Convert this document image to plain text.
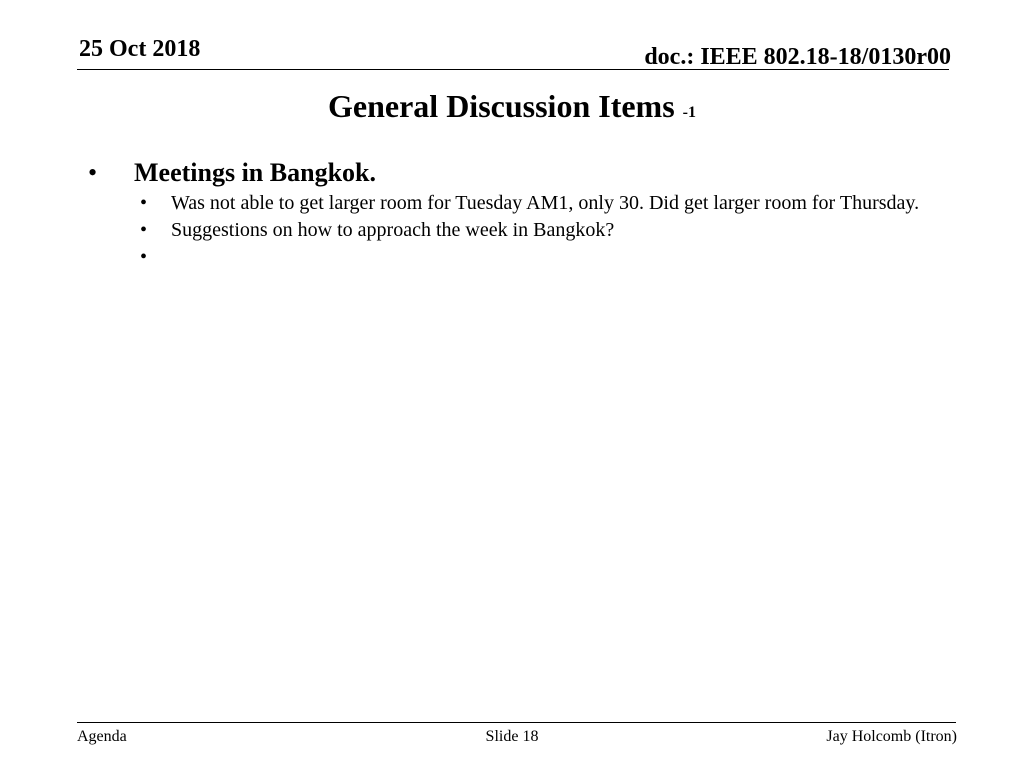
25 Oct 2018	doc.: IEEE 802.18-18/0130r00
General Discussion Items -1
• Meetings in Bangkok.
• Was not able to get larger room for Tuesday AM1, only 30. Did get larger room for Thursday.
• Suggestions on how to approach the week in Bangkok?
•
Agenda	Slide 18	Jay Holcomb (Itron)
